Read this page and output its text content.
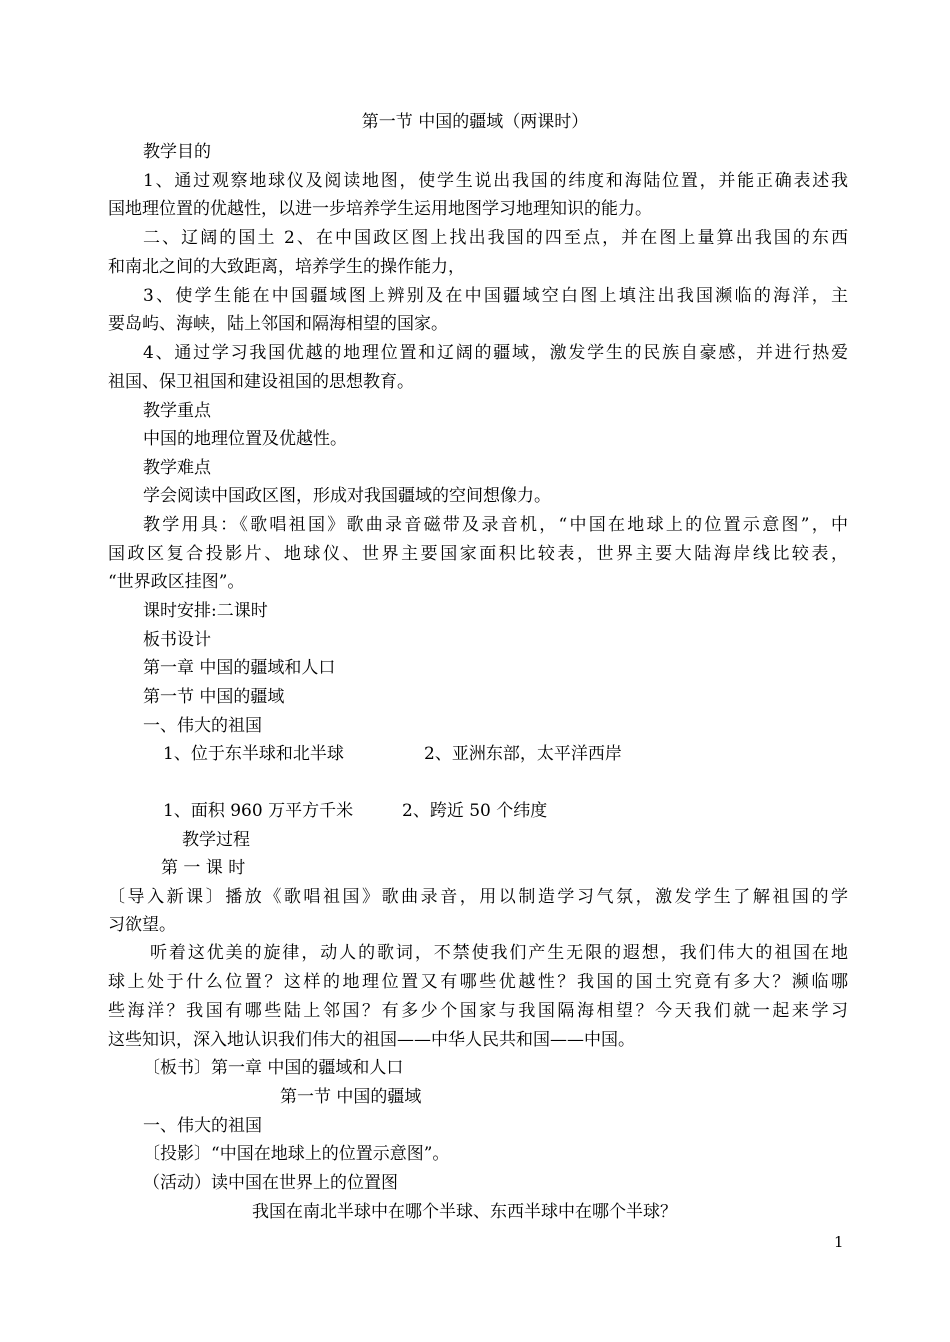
第一节 中国的疆域（两课时）
教学目的
1、通过观察地球仪及阅读地图，使学生说出我国的纬度和海陆位置，并能正确表述我
国地理位置的优越性，以进一步培养学生运用地图学习地理知识的能力。
二、辽阔的国土 2、在中国政区图上找出我国的四至点，并在图上量算出我国的东西
和南北之间的大致距离，培养学生的操作能力，
3、使学生能在中国疆域图上辨别及在中国疆域空白图上填注出我国濒临的海洋，主
要岛屿、海峡，陆上邻国和隔海相望的国家。
4、通过学习我国优越的地理位置和辽阔的疆域，激发学生的民族自豪感，并进行热爱
祖国、保卫祖国和建设祖国的思想教育。
教学重点
中国的地理位置及优越性。
教学难点
学会阅读中国政区图，形成对我国疆域的空间想像力。
教学用具：《歌唱祖国》歌曲录音磁带及录音机，“中国在地球上的位置示意图”，中
国政区复合投影片、地球仪、世界主要国家面积比较表，世界主要大陆海岸线比较表，
“世界政区挂图”。
课时安排:二课时
板书设计
第一章 中国的疆域和人口
第一节 中国的疆域
一、伟大的祖国
1、位于东半球和北半球	2、亚洲东部，太平洋西岸
1、面积 960 万平方千米	2、跨近 50 个纬度
教学过程
第 一 课 时
〔导入新课〕播放《歌唱祖国》歌曲录音，用以制造学习气氛，激发学生了解祖国的学
习欲望。
听着这优美的旋律，动人的歌词，不禁使我们产生无限的遐想，我们伟大的祖国在地
球上处于什么位置？这样的地理位置又有哪些优越性？我国的国土究竟有多大？濒临哪
些海洋？我国有哪些陆上邻国？有多少个国家与我国隔海相望？今天我们就一起来学习
这些知识，深入地认识我们伟大的祖国——中华人民共和国——中国。
〔板书〕第一章 中国的疆域和人口
第一节 中国的疆域
一、伟大的祖国
〔投影〕“中国在地球上的位置示意图”。
（活动）读中国在世界上的位置图
我国在南北半球中在哪个半球、东西半球中在哪个半球？
1
